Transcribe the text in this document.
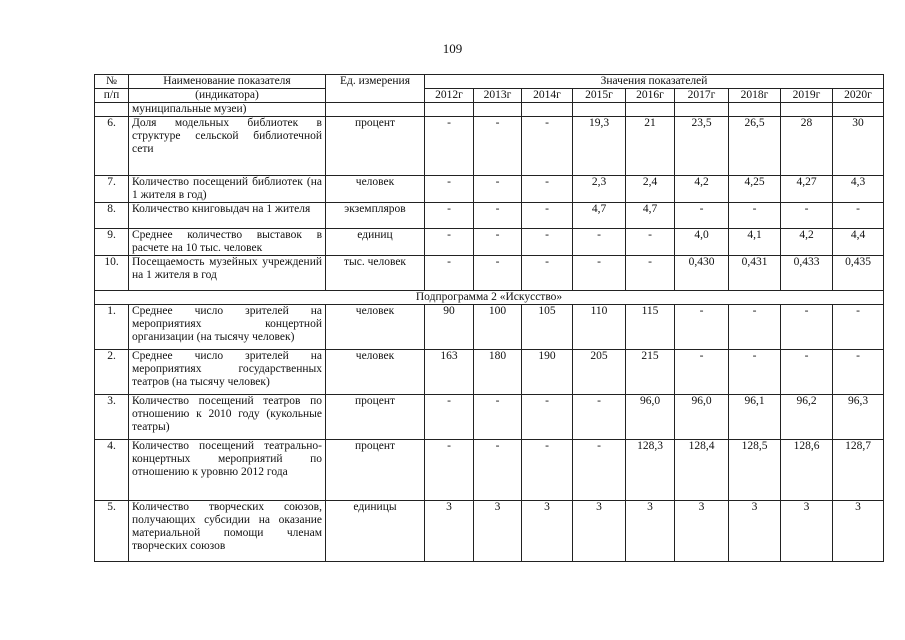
109
№	Наименование показателя	Ед. измерения	Значения показателей								
п/п	(индикатора)		2012г	2013г	2014г	2015г	2016г	2017г	2018г	2019г	2020г
	муниципальные музеи)										
6.	Доля модельных библиотек в структуре сельской библиотечной сети	процент	-	-	-	19,3	21	23,5	26,5	28	30
7.	Количество посещений библиотек (на 1 жителя в год)	человек	-	-	-	2,3	2,4	4,2	4,25	4,27	4,3
8.	Количество книговыдач на 1 жителя	экземпляров	-	-	-	4,7	4,7	-	-	-	-
9.	Среднее количество выставок в расчете на 10 тыс. человек	единиц	-	-	-	-	-	4,0	4,1	4,2	4,4
10.	Посещаемость музейных учреждений на 1 жителя в год	тыс. человек	-	-	-	-	-	0,430	0,431	0,433	0,435
Подпрограмма 2 «Искусство»											
1.	Среднее число зрителей на мероприятиях концертной организации (на тысячу человек)	человек	90	100	105	110	115	-	-	-	-
2.	Среднее число зрителей на мероприятиях государственных театров (на тысячу человек)	человек	163	180	190	205	215	-	-	-	-
3.	Количество посещений театров по отношению к 2010 году (кукольные театры)	процент	-	-	-	-	96,0	96,0	96,1	96,2	96,3
4.	Количество посещений театрально-концертных мероприятий по отношению к уровню 2012 года	процент	-	-	-	-	128,3	128,4	128,5	128,6	128,7
5.	Количество творческих союзов, получающих субсидии на оказание материальной помощи членам творческих союзов	единицы	3	3	3	3	3	3	3	3	3
